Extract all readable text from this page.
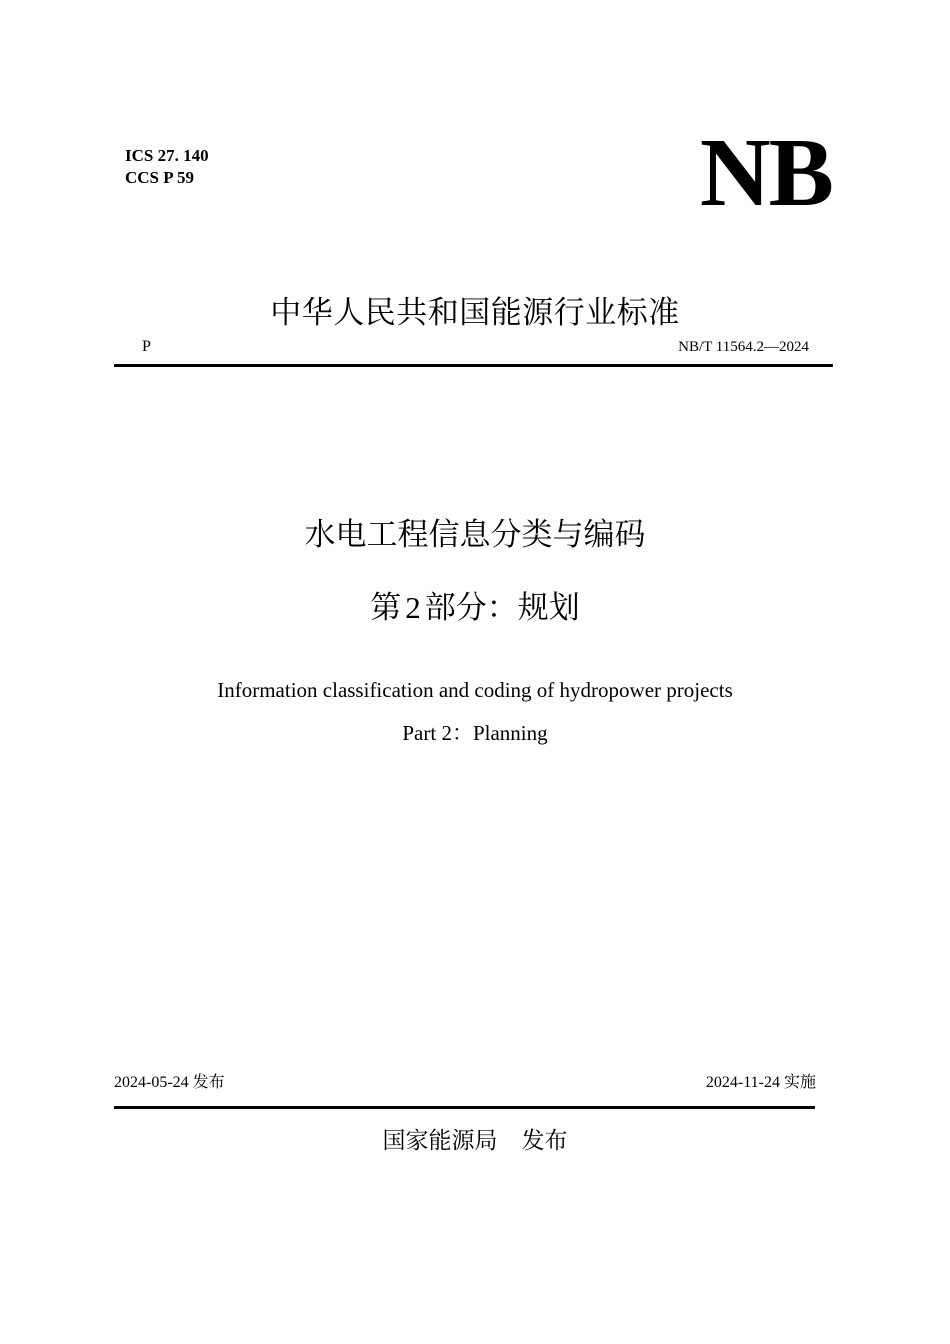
ICS 27. 140
CCS P 59	NB
中华人民共和国能源行业标准
P	NB/T 11564.2—2024
水电工程信息分类与编码
第 2 部分：规划
Information classification and coding of hydropower projects
Part 2：Planning
2024-05-24 发布	2024-11-24 实施
国家能源局 发布
